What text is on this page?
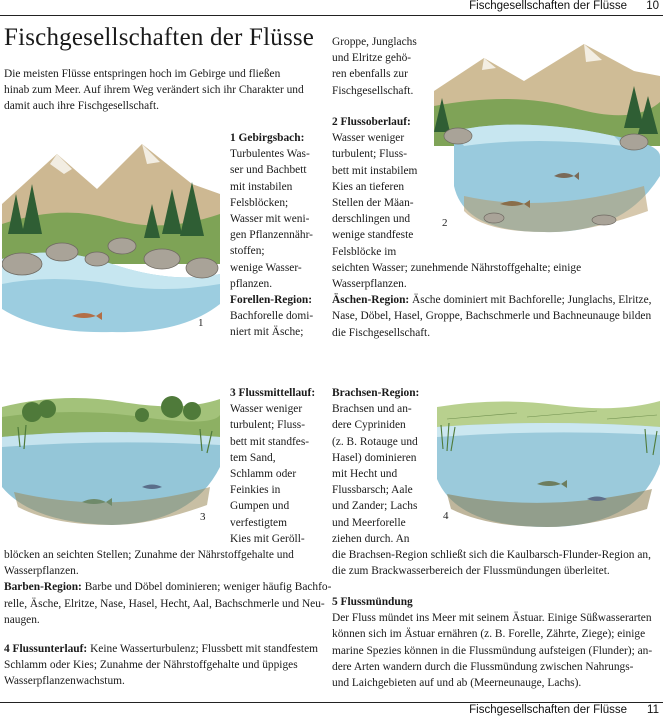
Fischgesellschaften der Flüsse 10
Fischgesellschaften der Flüsse
Die meisten Flüsse entspringen hoch im Gebirge und fließen hinab zum Meer. Auf ihrem Weg verändert sich ihr Charakter und damit auch ihre Fischgesellschaft.
1
1 Gebirgsbach:
Turbulentes Was-
ser und Bachbett
mit instabilen
Felsblöcken;
Wasser mit weni-
gen Pflanzennähr-
stoffen;
wenige Wasser-
pflanzen.
Forellen-Region:
Bachforelle domi-
niert mit Äsche;
Groppe, Junglachs
und Elritze gehö-
ren ebenfalls zur
Fischgesellschaft.
2
2 Flussoberlauf:
Wasser weniger
turbulent; Fluss-
bett mit instabilem
Kies an tieferen
Stellen der Mäan-
derschlingen und
wenige standfeste
Felsblöcke im
seichten Wasser; zunehmende Nährstoffgehalte; einige
Wasserpflanzen.
Äschen-Region: Äsche dominiert mit Bachforelle; Junglachs, Elritze,
Nase, Döbel, Hasel, Groppe, Bachschmerle und Bachneunauge bilden
die Fischgesellschaft.
3
3 Flussmittellauf:
Wasser weniger
turbulent; Fluss-
bett mit standfes-
tem Sand,
Schlamm oder
Feinkies in
Gumpen und
verfestigtem
Kies mit Geröll-
blöcken an seichten Stellen; Zunahme der Nährstoffgehalte und
Wasserpflanzen.
Barben-Region: Barbe und Döbel dominieren; weniger häufig Bachfo-
relle, Äsche, Elritze, Nase, Hasel, Hecht, Aal, Bachschmerle und Neu-
naugen.
4 Flussunterlauf: Keine Wasserturbulenz; Flussbett mit standfestem
Schlamm oder Kies; Zunahme der Nährstoffgehalte und üppiges
Wasserpflanzenwachstum.
Brachsen-Region:
Brachsen und an-
dere Cypriniden
(z. B. Rotauge und
Hasel) dominieren
mit Hecht und
Flussbarsch; Aale
und Zander; Lachs
und Meerforelle
ziehen durch. An
die Brachsen-Region schließt sich die Kaulbarsch-Flunder-Region an,
die zum Brackwasserbereich der Flussmündungen überleitet.
4
5 Flussmündung
Der Fluss mündet ins Meer mit seinem Ästuar. Einige Süßwasserarten
können sich im Ästuar ernähren (z. B. Forelle, Zährte, Ziege); einige
marine Spezies können in die Flussmündung aufsteigen (Flunder); an-
dere Arten wandern durch die Flussmündung zwischen Nahrungs-
und Laichgebieten auf und ab (Meerneunauge, Lachs).
Fischgesellschaften der Flüsse 11
